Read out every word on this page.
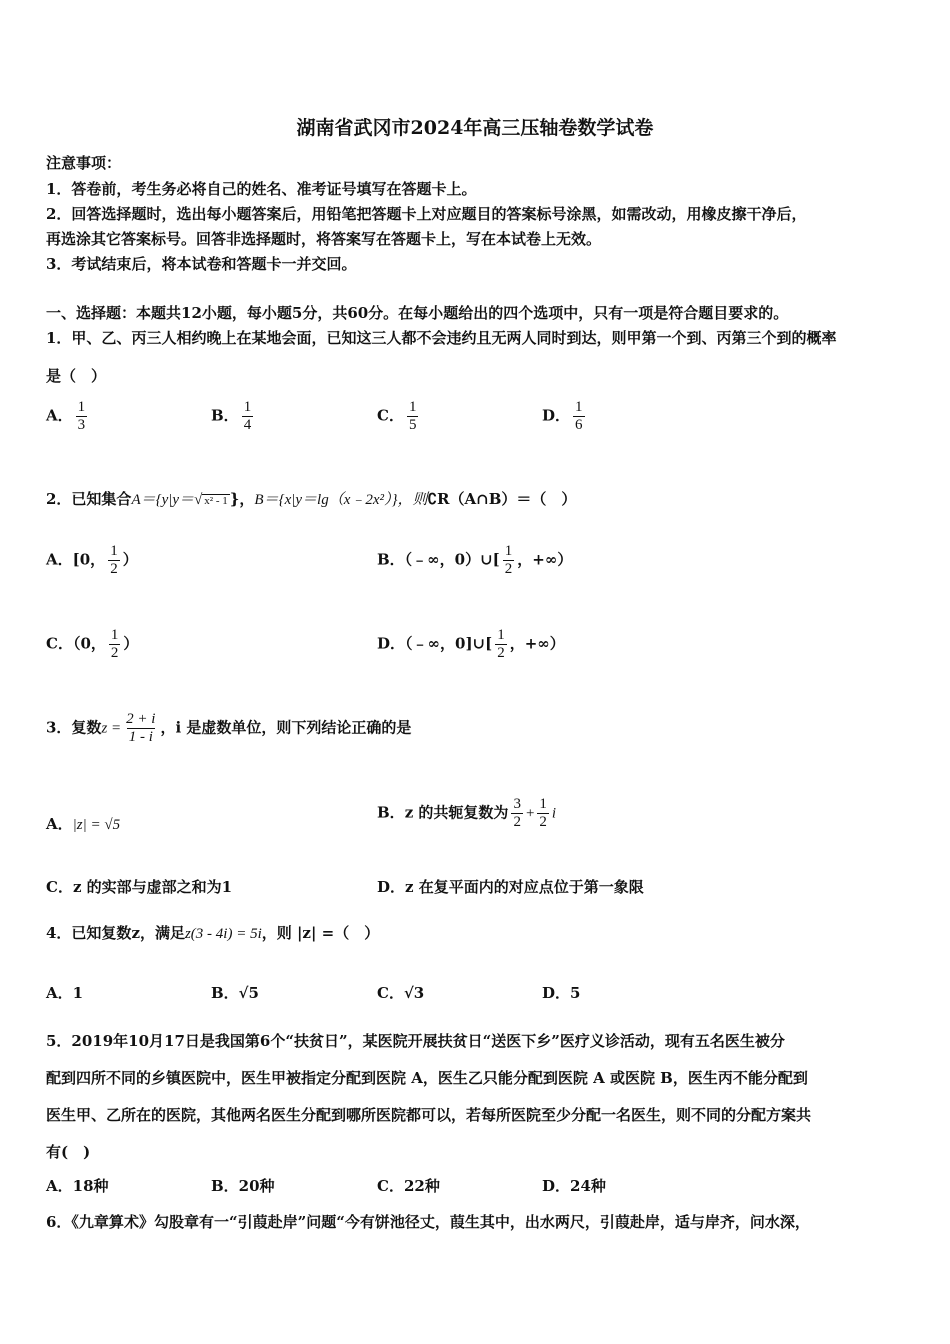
湖南省武冈市2024年高三压轴卷数学试卷
注意事项：
1．答卷前，考生务必将自己的姓名、准考证号填写在答题卡上。
2．回答选择题时，选出每小题答案后，用铅笔把答题卡上对应题目的答案标号涂黑，如需改动，用橡皮擦干净后，
再选涂其它答案标号。回答非选择题时，将答案写在答题卡上，写在本试卷上无效。
3．考试结束后，将本试卷和答题卡一并交回。
一、选择题：本题共12小题，每小题5分，共60分。在每小题给出的四个选项中，只有一项是符合题目要求的。
1．甲、乙、丙三人相约晚上在某地会面，已知这三人都不会违约且无两人同时到达，则甲第一个到、丙第三个到的概率
是（　）
A． $\frac{1}{3}$	B． $\frac{1}{4}$	C． $\frac{1}{5}$	D． $\frac{1}{6}$
2．已知集合A＝{y|y＝√ x² - 1 }，B＝{x|y＝lg（x﹣2x²）}，则∁R（A∩B）＝（　）
A．[0， $\frac{1}{2}$ ）	B．（﹣∞，0）∪[ $\frac{1}{2}$ ，+∞）
C．（0， $\frac{1}{2}$ ）	D．（﹣∞，0]∪[ $\frac{1}{2}$ ，+∞）
3．复数$z = \frac{2 + i}{1 - i}$ ，i 是虚数单位，则下列结论正确的是
A．|z| = √5
B．z 的共轭复数为 $\frac{3}{2} + \frac{1}{2}$ i
C．z 的实部与虚部之和为1	D．z 在复平面内的对应点位于第一象限
4．已知复数z，满足z(3 - 4i) = 5i，则 |z| =（　）
A．1	B．√5	C．√3	D．5
5．2019年10月17日是我国第6个“扶贫日”，某医院开展扶贫日“送医下乡”医疗义诊活动，现有五名医生被分
配到四所不同的乡镇医院中，医生甲被指定分配到医院 A，医生乙只能分配到医院 A 或医院 B，医生丙不能分配到
医生甲、乙所在的医院，其他两名医生分配到哪所医院都可以，若每所医院至少分配一名医生，则不同的分配方案共
有(　)
A．18种	B．20种	C．22种	D．24种
6．《九章算术》勾股章有一“引葭赴岸”问题“今有饼池径丈，葭生其中，出水两尺，引葭赴岸，适与岸齐，问水深，
